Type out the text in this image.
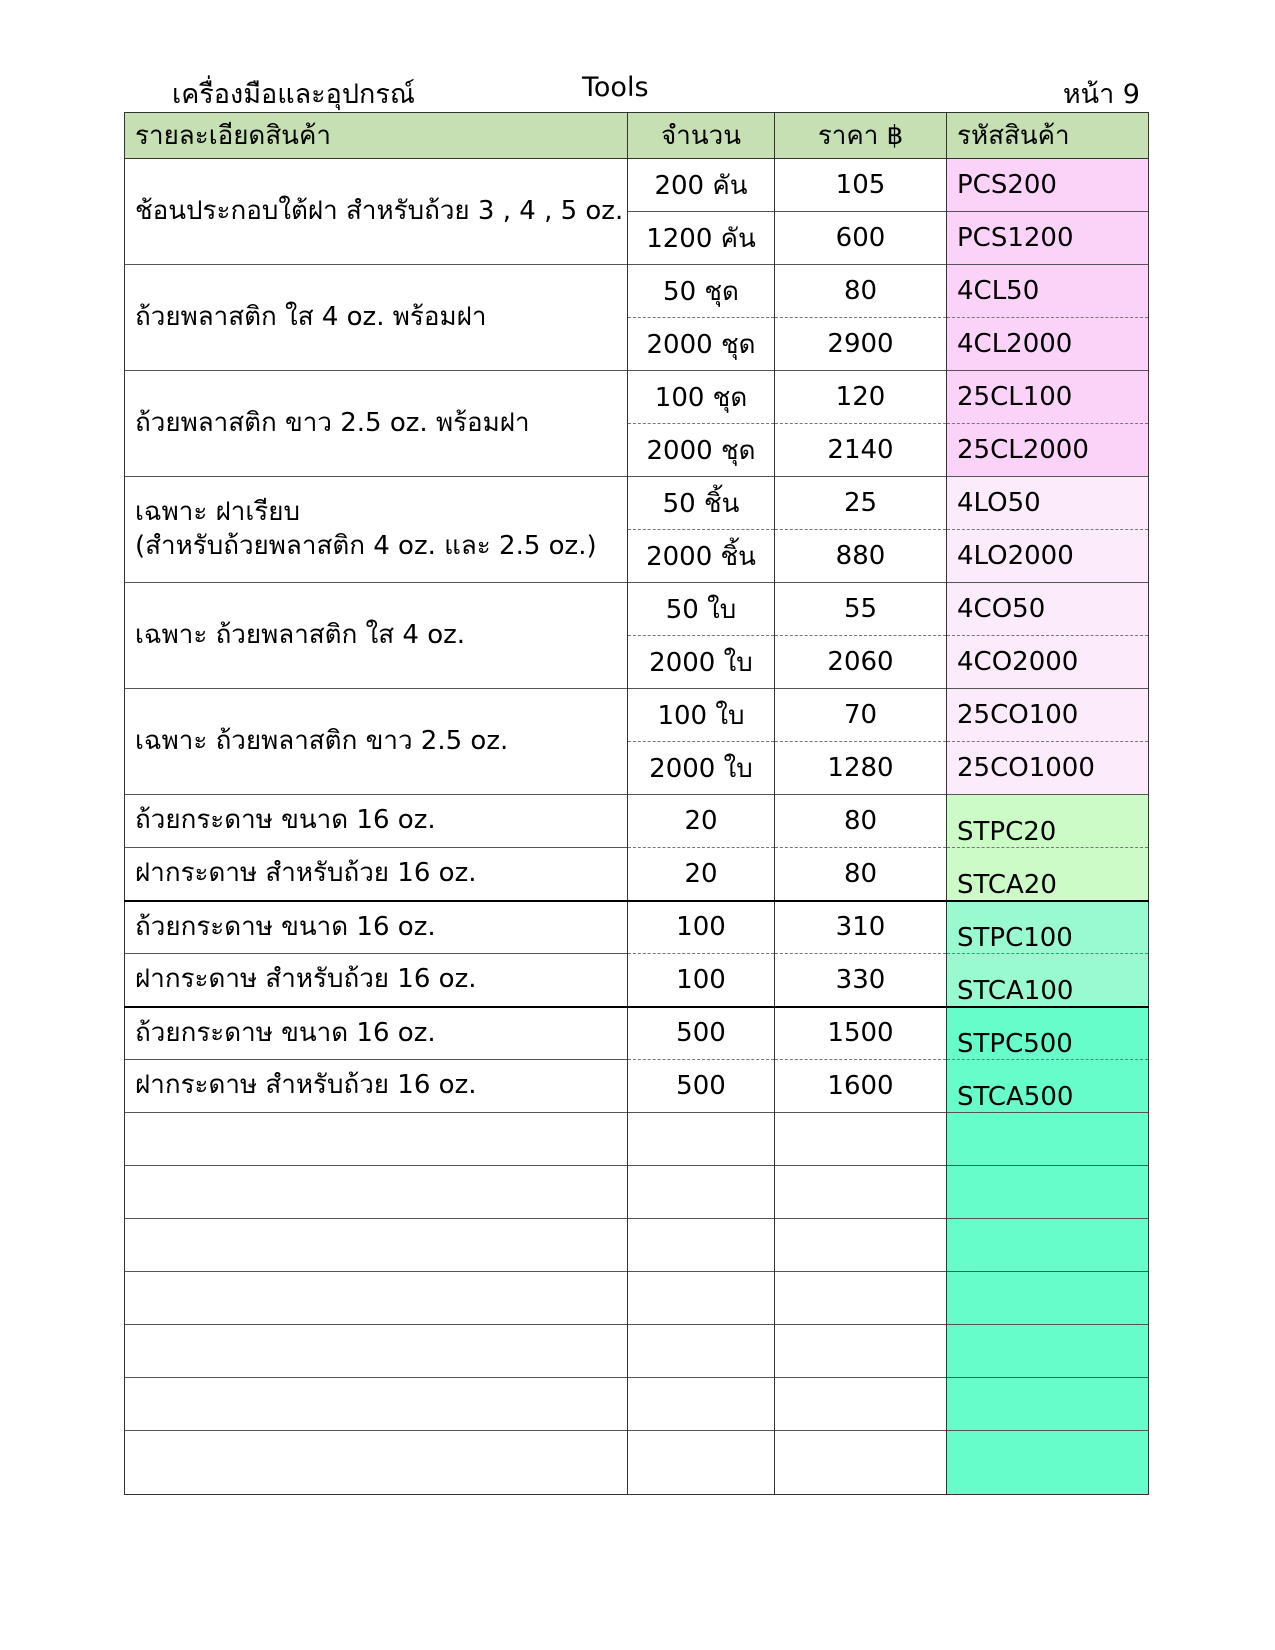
เครื่องมือและอุปกรณ์	Tools	หน้า 9
รายละเอียดสินค้า	จำนวน	ราคา ฿	รหัสสินค้า
ช้อนประกอบใต้ฝา สำหรับถ้วย 3 , 4 , 5 oz.	200 คัน	105	PCS200
	1200 คัน	600	PCS1200
ถ้วยพลาสติก ใส 4 oz. พร้อมฝา	50 ชุด	80	4CL50
	2000 ชุด	2900	4CL2000
ถ้วยพลาสติก ขาว 2.5 oz. พร้อมฝา	100 ชุด	120	25CL100
	2000 ชุด	2140	25CL2000
เฉพาะ ฝาเรียบ
(สำหรับถ้วยพลาสติก 4 oz. และ 2.5 oz.)	50 ชิ้น	25	4LO50
	2000 ชิ้น	880	4LO2000
เฉพาะ ถ้วยพลาสติก ใส 4 oz.	50 ใบ	55	4CO50
	2000 ใบ	2060	4CO2000
เฉพาะ ถ้วยพลาสติก ขาว 2.5 oz.	100 ใบ	70	25CO100
	2000 ใบ	1280	25CO1000
ถ้วยกระดาษ ขนาด 16 oz.	20	80	STPC20
ฝากระดาษ สำหรับถ้วย 16 oz.	20	80	STCA20
ถ้วยกระดาษ ขนาด 16 oz.	100	310	STPC100
ฝากระดาษ สำหรับถ้วย 16 oz.	100	330	STCA100
ถ้วยกระดาษ ขนาด 16 oz.	500	1500	STPC500
ฝากระดาษ สำหรับถ้วย 16 oz.	500	1600	STCA500
